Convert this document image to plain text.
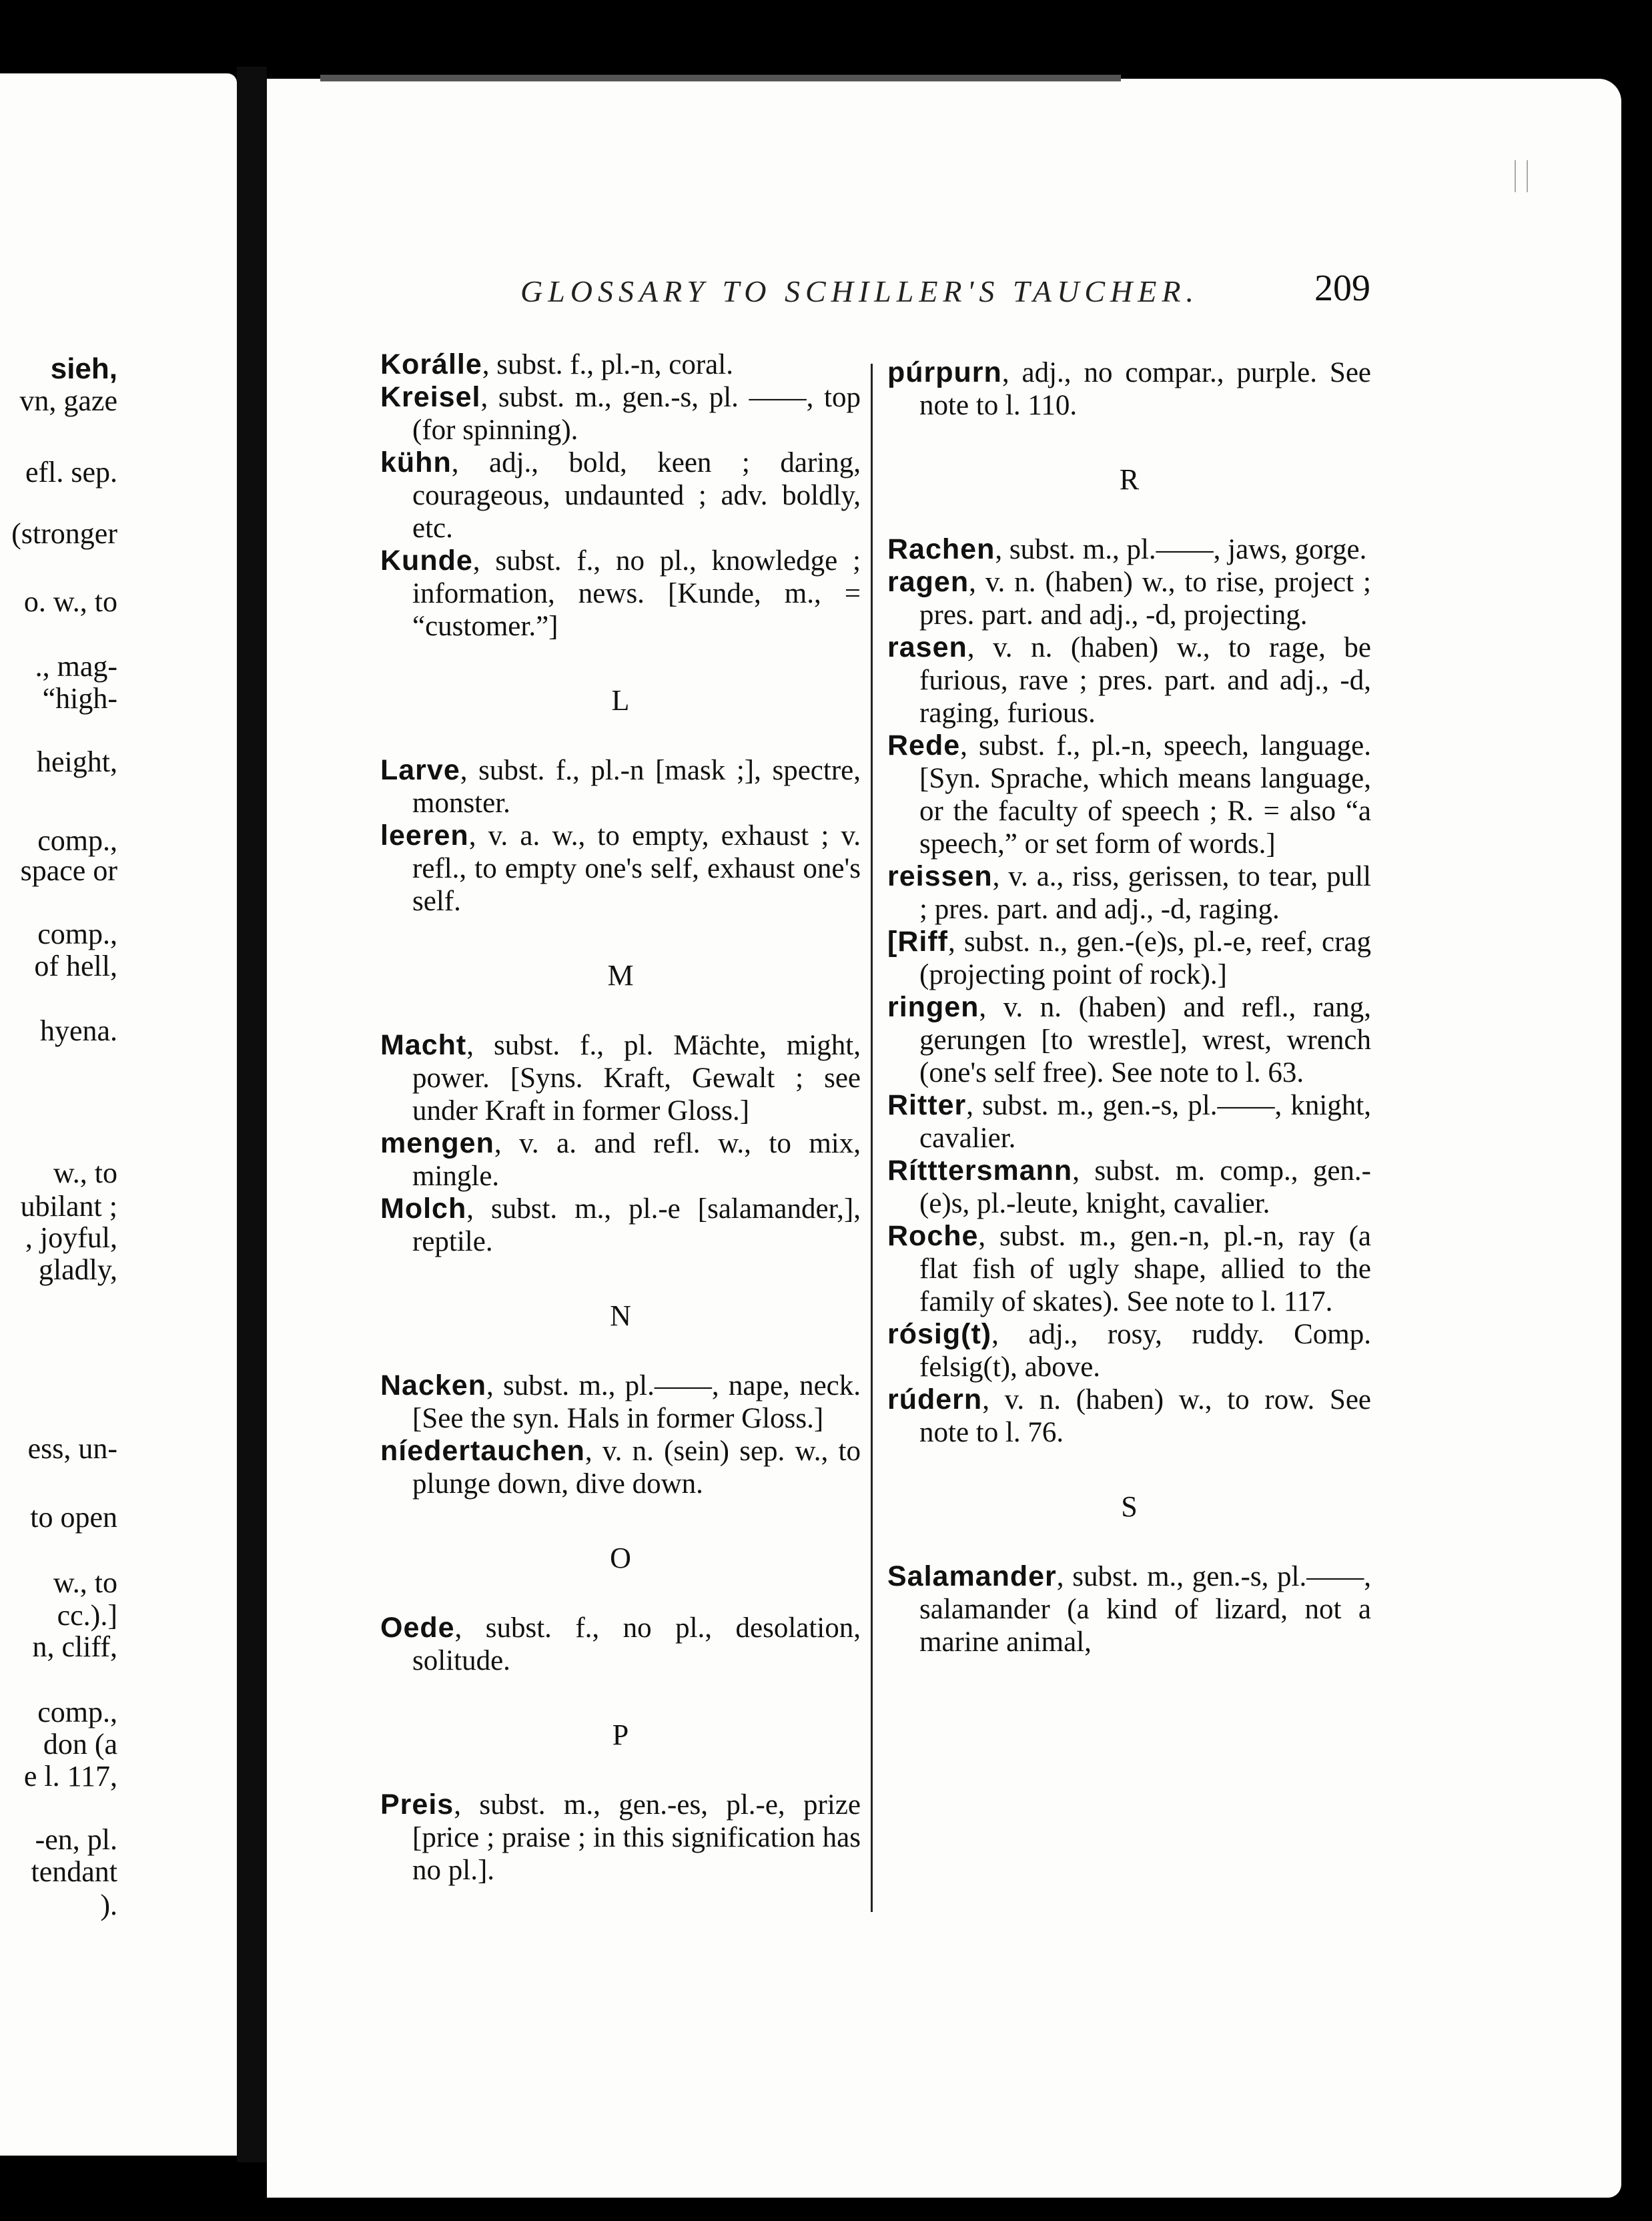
sieh,
vn, gaze
efl. sep.
(stronger
o. w., to
., mag-
“high-
height,
comp.,
space or
comp.,
of hell,
hyena.
w., to
ubilant ;
, joyful,
gladly,
ess, un-
to open
w., to
cc.).]
n, cliff,
comp.,
don (a
e l. 117,
-en, pl.
tendant
).
GLOSSARY TO SCHILLER'S TAUCHER.	209
Korálle, subst. f., pl.-n, coral.
Kreisel, subst. m., gen.-s, pl. ——, top (for spinning).
kühn, adj., bold, keen ; daring, courageous, undaunted ; adv. boldly, etc.
Kunde, subst. f., no pl., knowledge ; information, news. [Kunde, m., = “customer.”]
L
Larve, subst. f., pl.-n [mask ;], spectre, monster.
leeren, v. a. w., to empty, exhaust ; v. refl., to empty one's self, exhaust one's self.
M
Macht, subst. f., pl. Mächte, might, power. [Syns. Kraft, Gewalt ; see under Kraft in former Gloss.]
mengen, v. a. and refl. w., to mix, mingle.
Molch, subst. m., pl.-e [salamander,], reptile.
N
Nacken, subst. m., pl.——, nape, neck. [See the syn. Hals in former Gloss.]
níedertauchen, v. n. (sein) sep. w., to plunge down, dive down.
O
Oede, subst. f., no pl., desolation, solitude.
P
Preis, subst. m., gen.-es, pl.-e, prize [price ; praise ; in this signification has no pl.].
púrpurn, adj., no compar., purple. See note to l. 110.
R
Rachen, subst. m., pl.——, jaws, gorge.
ragen, v. n. (haben) w., to rise, project ; pres. part. and adj., -d, projecting.
rasen, v. n. (haben) w., to rage, be furious, rave ; pres. part. and adj., -d, raging, furious.
Rede, subst. f., pl.-n, speech, language. [Syn. Sprache, which means language, or the faculty of speech ; R. = also “a speech,” or set form of words.]
reissen, v. a., riss, gerissen, to tear, pull ; pres. part. and adj., -d, raging.
[Riff, subst. n., gen.-(e)s, pl.-e, reef, crag (projecting point of rock).]
ringen, v. n. (haben) and refl., rang, gerungen [to wrestle], wrest, wrench (one's self free). See note to l. 63.
Ritter, subst. m., gen.-s, pl.——, knight, cavalier.
Rítttersmann, subst. m. comp., gen.-(e)s, pl.-leute, knight, cavalier.
Roche, subst. m., gen.-n, pl.-n, ray (a flat fish of ugly shape, allied to the family of skates). See note to l. 117.
rósig(t), adj., rosy, ruddy. Comp. felsig(t), above.
rúdern, v. n. (haben) w., to row. See note to l. 76.
S
Salamander, subst. m., gen.-s, pl.——, salamander (a kind of lizard, not a marine animal,
